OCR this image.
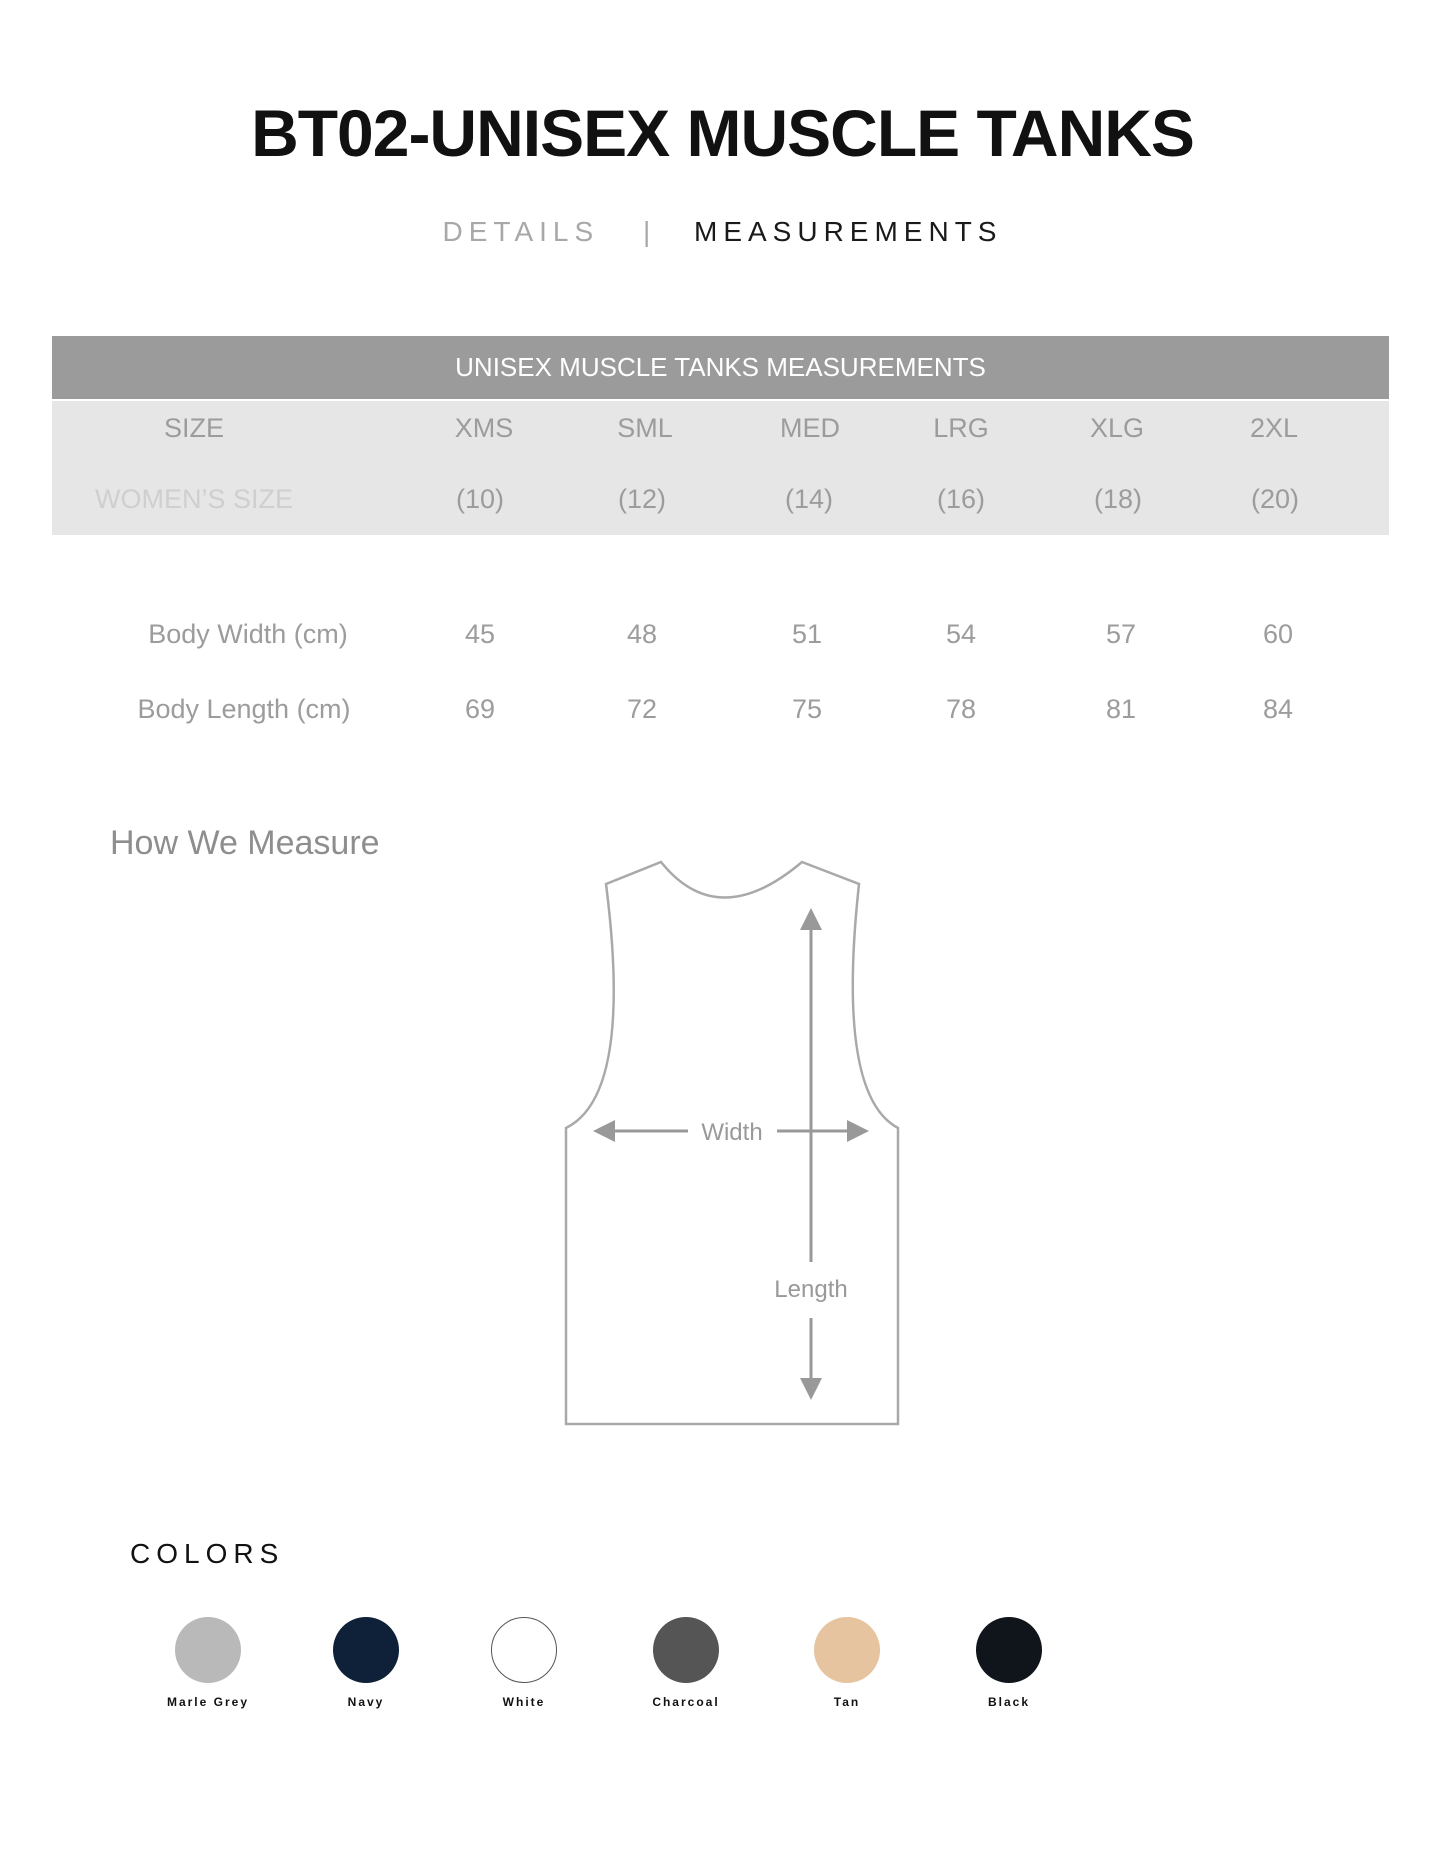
BT02-UNISEX MUSCLE TANKS
DETAILS | MEASUREMENTS
UNISEX MUSCLE TANKS MEASUREMENTS
SIZE	XMS	SML	MED	LRG	XLG	2XL
WOMEN’S SIZE	(10)	(12)	(14)	(16)	(18)	(20)
Body Width (cm)	45	48	51	54	57	60
Body Length (cm)	69	72	75	78	81	84
How We Measure
Width
Length
COLORS
Marle Grey	Navy	White	Charcoal	Tan	Black
